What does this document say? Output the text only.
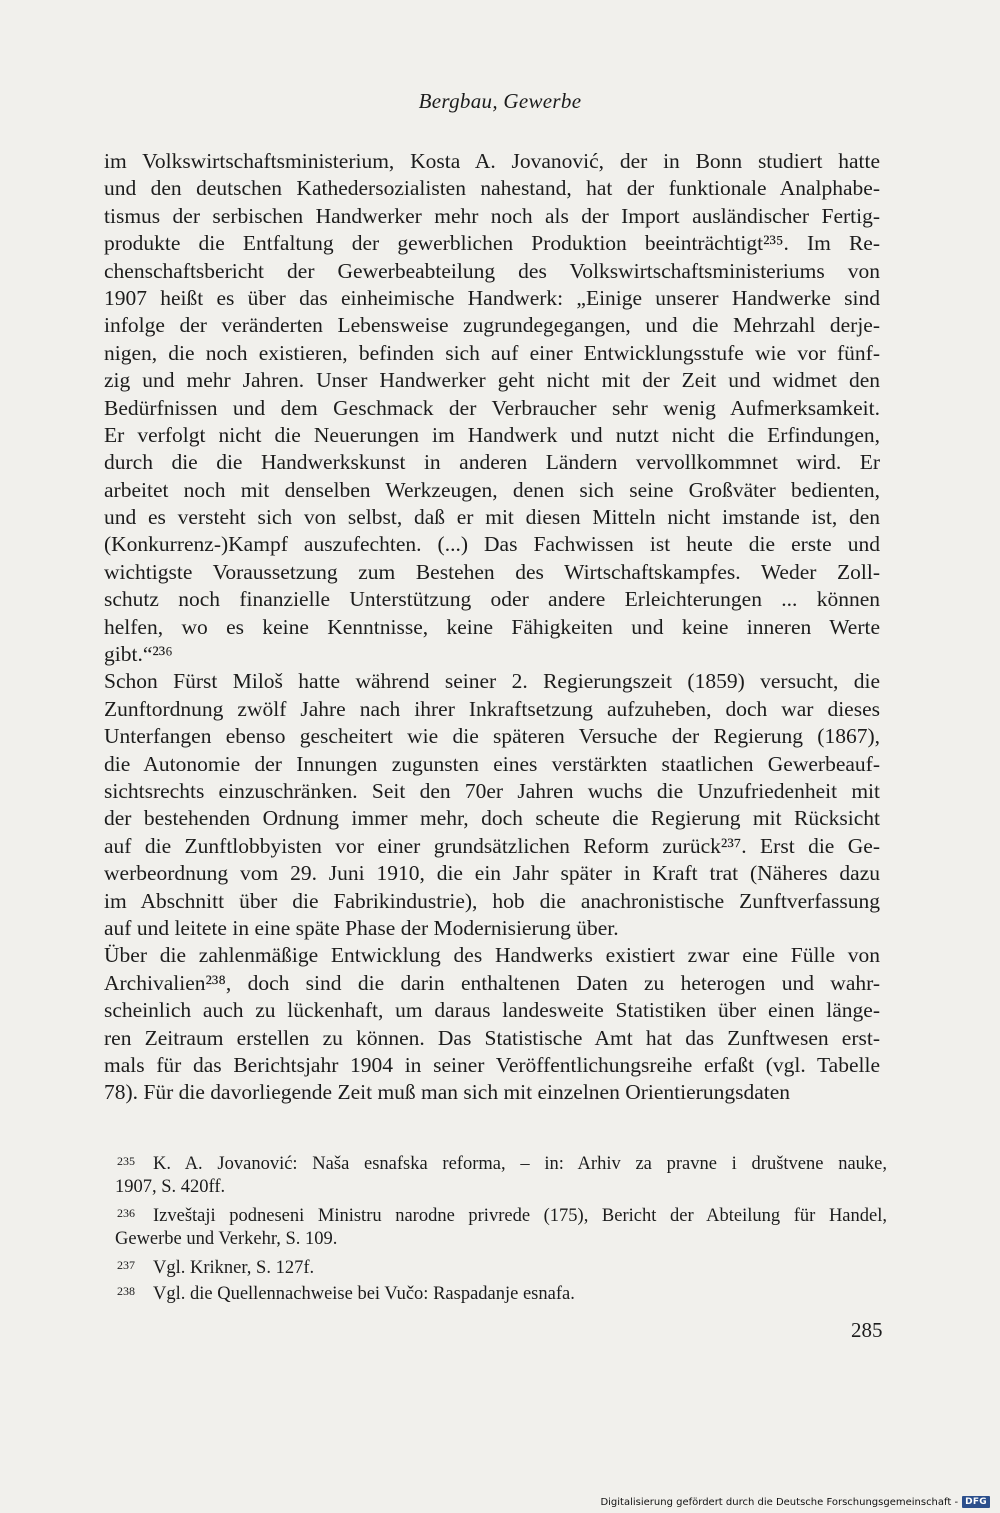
Bergbau, Gewerbe
im Volkswirtschaftsministerium, Kosta A. Jovanović, der in Bonn studiert hatte
und den deutschen Kathedersozialisten nahestand, hat der funktionale Analphabe-
tismus der serbischen Handwerker mehr noch als der Import ausländischer Fertig-
produkte die Entfaltung der gewerblichen Produktion beeinträchtigt²³⁵. Im Re-
chenschaftsbericht der Gewerbeabteilung des Volkswirtschaftsministeriums von
1907 heißt es über das einheimische Handwerk: „Einige unserer Handwerke sind
infolge der veränderten Lebensweise zugrundegegangen, und die Mehrzahl derje-
nigen, die noch existieren, befinden sich auf einer Entwicklungsstufe wie vor fünf-
zig und mehr Jahren. Unser Handwerker geht nicht mit der Zeit und widmet den
Bedürfnissen und dem Geschmack der Verbraucher sehr wenig Aufmerksamkeit.
Er verfolgt nicht die Neuerungen im Handwerk und nutzt nicht die Erfindungen,
durch die die Handwerkskunst in anderen Ländern vervollkommnet wird. Er
arbeitet noch mit denselben Werkzeugen, denen sich seine Großväter bedienten,
und es versteht sich von selbst, daß er mit diesen Mitteln nicht imstande ist, den
(Konkurrenz-)Kampf auszufechten. (...) Das Fachwissen ist heute die erste und
wichtigste Voraussetzung zum Bestehen des Wirtschaftskampfes. Weder Zoll-
schutz noch finanzielle Unterstützung oder andere Erleichterungen ... können
helfen, wo es keine Kenntnisse, keine Fähigkeiten und keine inneren Werte
gibt.“²³⁶
Schon Fürst Miloš hatte während seiner 2. Regierungszeit (1859) versucht, die
Zunftordnung zwölf Jahre nach ihrer Inkraftsetzung aufzuheben, doch war dieses
Unterfangen ebenso gescheitert wie die späteren Versuche der Regierung (1867),
die Autonomie der Innungen zugunsten eines verstärkten staatlichen Gewerbeauf-
sichtsrechts einzuschränken. Seit den 70er Jahren wuchs die Unzufriedenheit mit
der bestehenden Ordnung immer mehr, doch scheute die Regierung mit Rücksicht
auf die Zunftlobbyisten vor einer grundsätzlichen Reform zurück²³⁷. Erst die Ge-
werbeordnung vom 29. Juni 1910, die ein Jahr später in Kraft trat (Näheres dazu
im Abschnitt über die Fabrikindustrie), hob die anachronistische Zunftverfassung
auf und leitete in eine späte Phase der Modernisierung über.
Über die zahlenmäßige Entwicklung des Handwerks existiert zwar eine Fülle von
Archivalien²³⁸, doch sind die darin enthaltenen Daten zu heterogen und wahr-
scheinlich auch zu lückenhaft, um daraus landesweite Statistiken über einen länge-
ren Zeitraum erstellen zu können. Das Statistische Amt hat das Zunftwesen erst-
mals für das Berichtsjahr 1904 in seiner Veröffentlichungsreihe erfaßt (vgl. Tabelle
78). Für die davorliegende Zeit muß man sich mit einzelnen Orientierungsdaten
235 K. A. Jovanović: Naša esnafska reforma, – in: Arhiv za pravne i društvene nauke,
1907, S. 420ff.
236 Izveštaji podneseni Ministru narodne privrede (175), Bericht der Abteilung für Handel,
Gewerbe und Verkehr, S. 109.
237 Vgl. Krikner, S. 127f.
238 Vgl. die Quellennachweise bei Vučo: Raspadanje esnafa.
285
Digitalisierung gefördert durch die Deutsche Forschungsgemeinschaft - DFG
